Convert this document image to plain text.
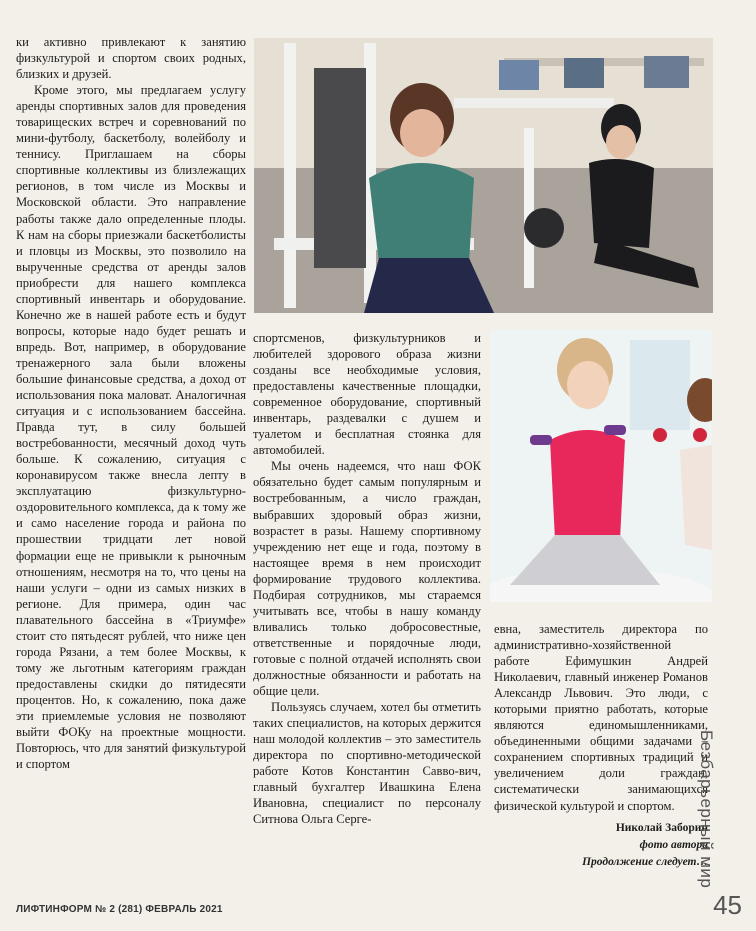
ки активно привлекают к занятию физкультурой и спортом своих родных, близких и друзей.

Кроме этого, мы предлагаем услугу аренды спортивных залов для проведения товарищеских встреч и соревнований по мини-футболу, баскетболу, волейболу и теннису. Приглашаем на сборы спортивные коллективы из близлежащих регионов, в том числе из Москвы и Московской области. Это направление работы также дало определенные плоды. К нам на сборы приезжали баскетболисты и пловцы из Москвы, это позволило на вырученные средства от аренды залов приобрести для нашего комплекса спортивный инвентарь и оборудование. Конечно же в нашей работе есть и будут вопросы, которые надо будет решать и впредь. Вот, например, в оборудование тренажерного зала были вложены большие финансовые средства, а доход от использования пока маловат. Аналогичная ситуация и с использованием бассейна. Правда тут, в силу большей востребованности, месячный доход чуть больше. К сожалению, ситуация с коронавирусом также внесла лепту в эксплуатацию физкультурно-оздоровительного комплекса, да к тому же и само население города и района по прошествии тридцати лет новой формации еще не привыкли к рыночным отношениям, несмотря на то, что цены на наши услуги – одни из самых низких в регионе. Для примера, один час плавательного бассейна в «Триумфе» стоит сто пятьдесят рублей, что ниже цен города Рязани, а тем более Москвы, к тому же льготным категориям граждан предоставлены скидки до пятидесяти процентов. Но, к сожалению, пока даже эти приемлемые условия не позволяют выйти ФОКу на проектные мощности. Повторюсь, что для занятий физкультурой и спортом

спортсменов, физкультурников и любителей здорового образа жизни созданы все необходимые условия, предоставлены качественные площадки, современное оборудование, спортивный инвентарь, раздевалки с душем и туалетом и бесплатная стоянка для автомобилей.

Мы очень надеемся, что наш ФОК обязательно будет самым популярным и востребованным, а число граждан, выбравших здоровый образ жизни, возрастет в разы. Нашему спортивному учреждению нет еще и года, поэтому в настоящее время в нем происходит формирование трудового коллектива. Подбирая сотрудников, мы стараемся учитывать все, чтобы в нашу команду вливались только добросовестные, ответственные и порядочные люди, готовые с полной отдачей исполнять свои должностные обязанности и работать на общие цели.

Пользуясь случаем, хотел бы отметить таких специалистов, на которых держится наш молодой коллектив – это заместитель директора по спортивно-методической работе Котов Константин Савво-вич, главный бухгалтер Ивашкина Елена Ивановна, специалист по персоналу Ситнова Ольга Серге-

евна, заместитель директора по административно-хозяйственной работе Ефимушкин Андрей Николаевич, главный инженер Романов Александр Львович. Это люди, с которыми приятно работать, которые являются единомышленниками, объединенными общими задачами – сохранением спортивных традиций и увеличением доли граждан, систематически занимающихся физической культурой и спортом.

Николай Заборин

фото автора

Продолжение следует…

Безбарьерный мир
ЛИФТИНФОРМ № 2 (281) ФЕВРАЛЬ 2021	45
